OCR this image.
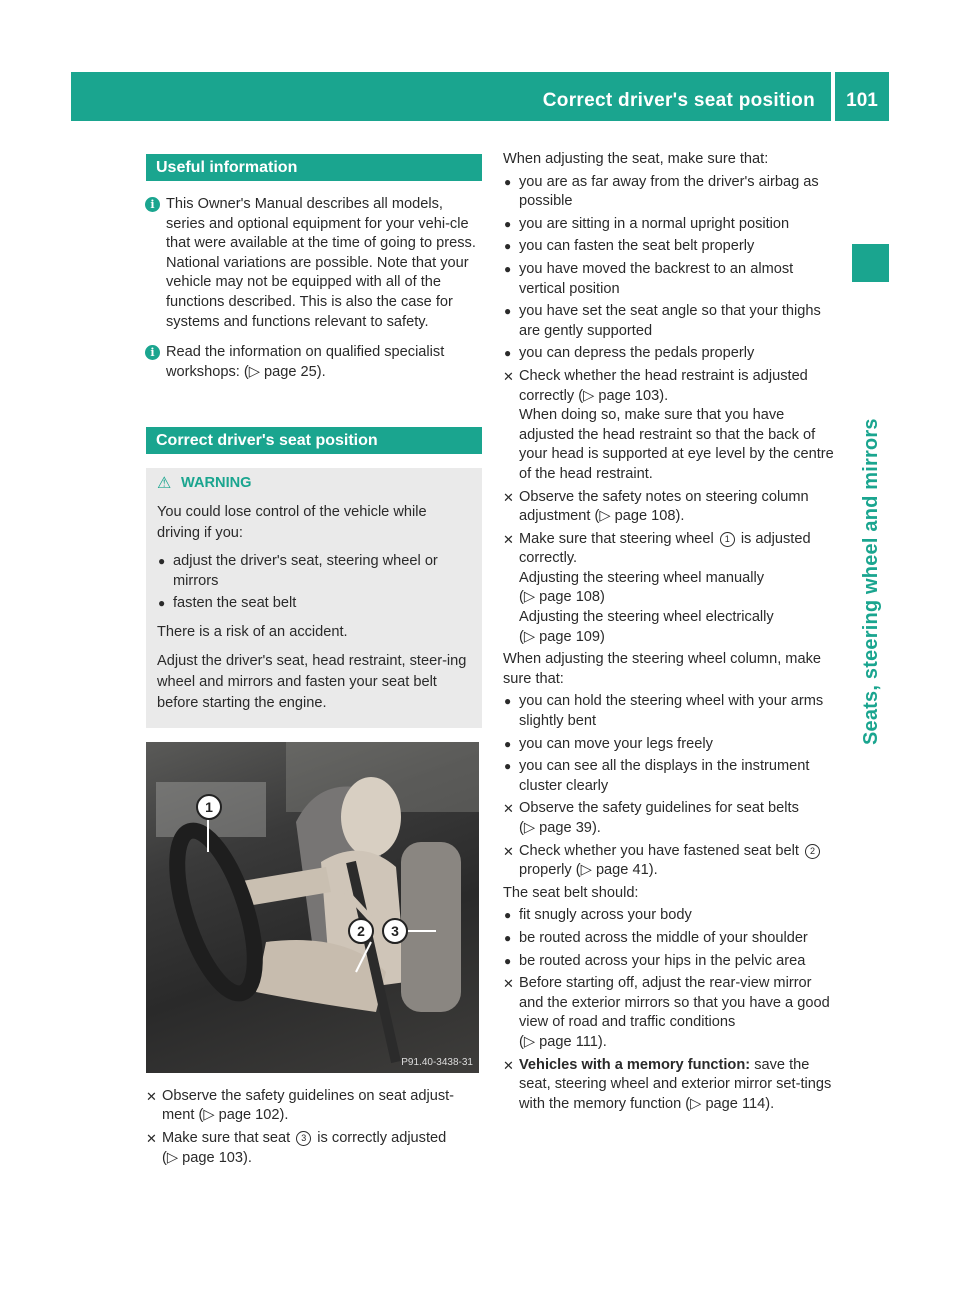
Correct driver's seat position	101
Seats, steering wheel and mirrors
Useful information
i This Owner's Manual describes all models, series and optional equipment for your vehi-cle that were available at the time of going to press. National variations are possible. Note that your vehicle may not be equipped with all of the functions described. This is also the case for systems and functions relevant to safety.
i Read the information on qualified specialist workshops: (▷ page 25).
Correct driver's seat position
⚠ WARNING

You could lose control of the vehicle while driving if you:

● adjust the driver's seat, steering wheel or mirrors
● fasten the seat belt

There is a risk of an accident.

Adjust the driver's seat, head restraint, steer-ing wheel and mirrors and fasten your seat belt before starting the engine.

1
2	3
P91.40-3438-31
✕ Observe the safety guidelines on seat adjust-ment (▷ page 102).
✕ Make sure that seat 3 is correctly adjusted
(▷ page 103).
When adjusting the seat, make sure that:
● you are as far away from the driver's airbag as possible
● you are sitting in a normal upright position
● you can fasten the seat belt properly
● you have moved the backrest to an almost vertical position
● you have set the seat angle so that your thighs are gently supported
● you can depress the pedals properly
✕ Check whether the head restraint is adjusted correctly (▷ page 103).
When doing so, make sure that you have adjusted the head restraint so that the back of your head is supported at eye level by the centre of the head restraint.
✕ Observe the safety notes on steering column adjustment (▷ page 108).
✕ Make sure that steering wheel 1 is adjusted correctly.
Adjusting the steering wheel manually
(▷ page 108)
Adjusting the steering wheel electrically
(▷ page 109)
When adjusting the steering wheel column, make sure that:
● you can hold the steering wheel with your arms slightly bent
● you can move your legs freely
● you can see all the displays in the instrument cluster clearly
✕ Observe the safety guidelines for seat belts
(▷ page 39).
✕ Check whether you have fastened seat belt 2 properly (▷ page 41).
The seat belt should:
● fit snugly across your body
● be routed across the middle of your shoulder
● be routed across your hips in the pelvic area
✕ Before starting off, adjust the rear-view mirror and the exterior mirrors so that you have a good view of road and traffic conditions
(▷ page 111).
✕ Vehicles with a memory function: save the seat, steering wheel and exterior mirror set-tings with the memory function (▷ page 114).
